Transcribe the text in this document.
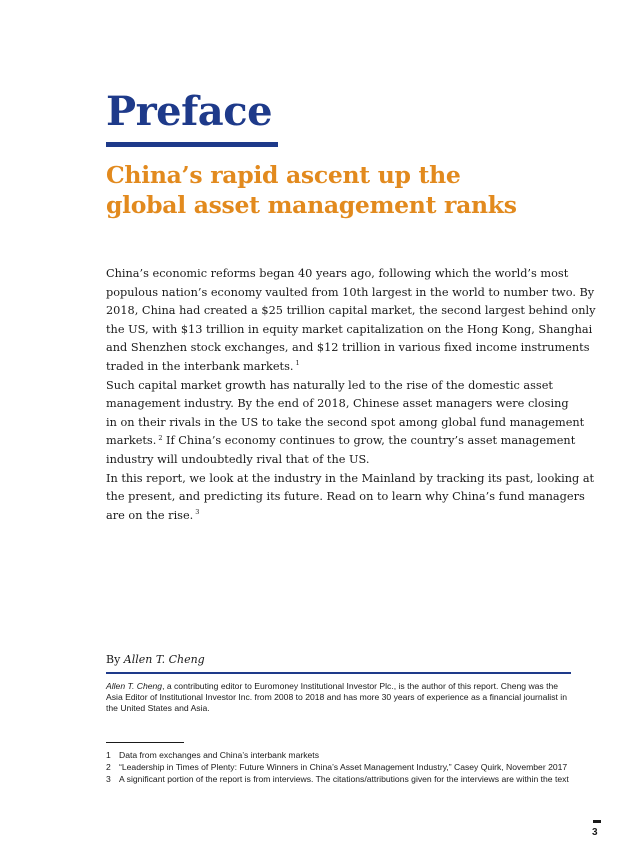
Preface
China’s rapid ascent up the
global asset management ranks

China’s economic reforms began 40 years ago, following which the world’s most
populous nation’s economy vaulted from 10th largest in the world to number two. By
2018, China had created a $25 trillion capital market, the second largest behind only
the US, with $13 trillion in equity market capitalization on the Hong Kong, Shanghai
and Shenzhen stock exchanges, and $12 trillion in various fixed income instruments
traded in the interbank markets. $^1$

Such capital market growth has naturally led to the rise of the domestic asset
management industry. By the end of 2018, Chinese asset managers were closing
in on their rivals in the US to take the second spot among global fund management
markets. $^2$ If China’s economy continues to grow, the country’s asset management
industry will undoubtedly rival that of the US.

In this report, we look at the industry in the Mainland by tracking its past, looking at
the present, and predicting its future. Read on to learn why China’s fund managers
are on the rise. $^3$

By Allen T. Cheng

Allen T. Cheng, a contributing editor to Euromoney Institutional Investor Plc., is the author of this report. Cheng was the Asia Editor of Institutional Investor Inc. from 2008 to 2018 and has more 30 years of experience as a financial journalist in the United States and Asia.

1 Data from exchanges and China’s interbank markets

2 “Leadership in Times of Plenty: Future Winners in China’s Asset Management Industry,” Casey Quirk, November 2017

3 A significant portion of the report is from interviews. The citations/attributions given for the interviews are within the text

3
